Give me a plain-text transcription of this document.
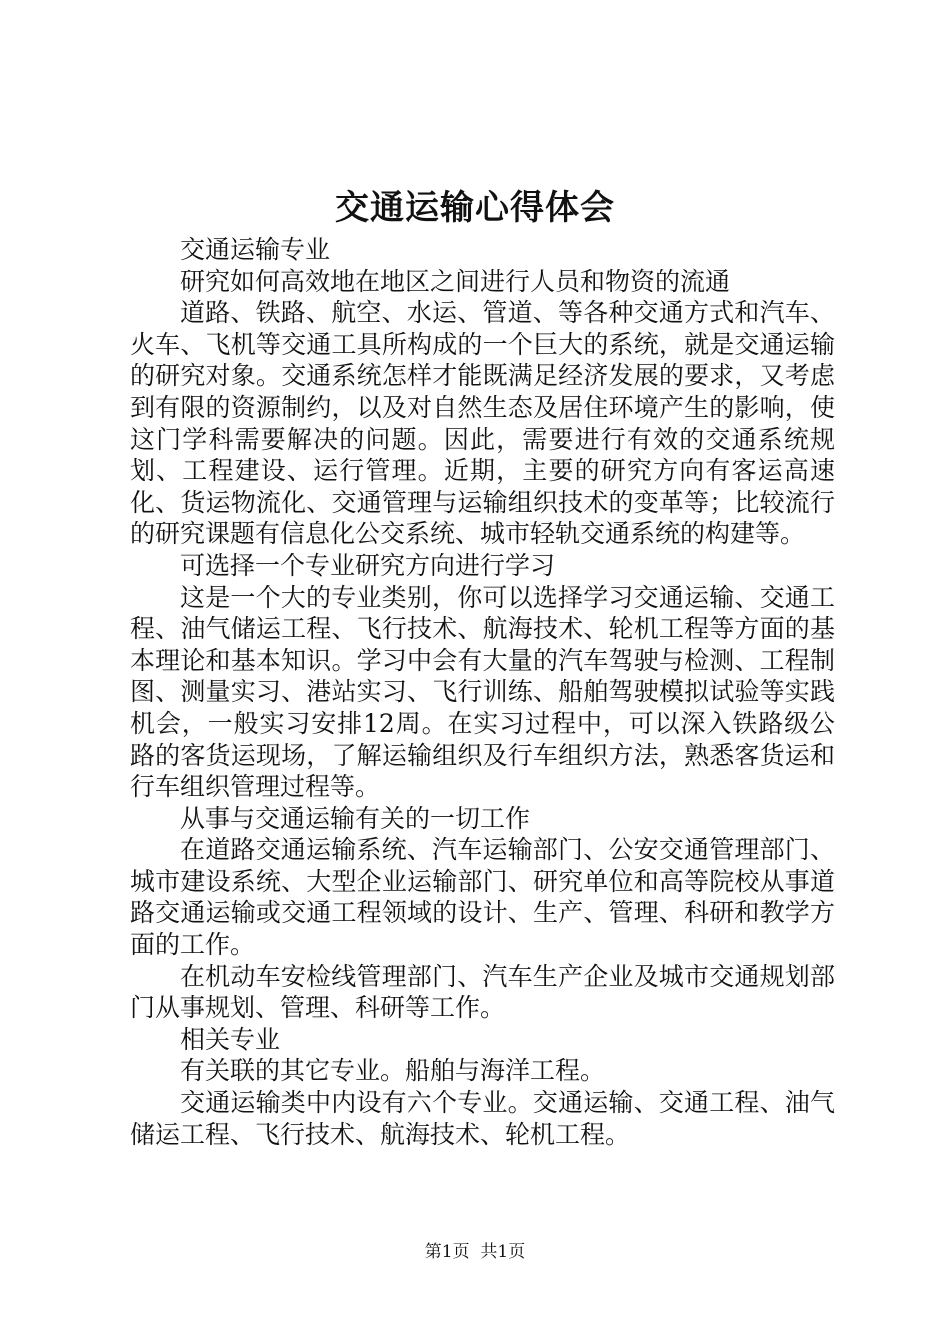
交通运输心得体会

交通运输专业

研究如何高效地在地区之间进行人员和物资的流通

道路、铁路、航空、水运、管道、等各种交通方式和汽车、火车、飞机等交通工具所构成的一个巨大的系统，就是交通运输的研究对象。交通系统怎样才能既满足经济发展的要求，又考虑到有限的资源制约，以及对自然生态及居住环境产生的影响，使这门学科需要解决的问题。因此，需要进行有效的交通系统规划、工程建设、运行管理。近期，主要的研究方向有客运高速化、货运物流化、交通管理与运输组织技术的变革等；比较流行的研究课题有信息化公交系统、城市轻轨交通系统的构建等。

可选择一个专业研究方向进行学习

这是一个大的专业类别，你可以选择学习交通运输、交通工程、油气储运工程、飞行技术、航海技术、轮机工程等方面的基本理论和基本知识。学习中会有大量的汽车驾驶与检测、工程制图、测量实习、港站实习、飞行训练、船舶驾驶模拟试验等实践机会，一般实习安排12周。在实习过程中，可以深入铁路级公路的客货运现场，了解运输组织及行车组织方法，熟悉客货运和行车组织管理过程等。

从事与交通运输有关的一切工作

在道路交通运输系统、汽车运输部门、公安交通管理部门、城市建设系统、大型企业运输部门、研究单位和高等院校从事道路交通运输或交通工程领域的设计、生产、管理、科研和教学方面的工作。

在机动车安检线管理部门、汽车生产企业及城市交通规划部门从事规划、管理、科研等工作。

相关专业

有关联的其它专业。船舶与海洋工程。

交通运输类中内设有六个专业。交通运输、交通工程、油气储运工程、飞行技术、航海技术、轮机工程。

第1页 共1页
